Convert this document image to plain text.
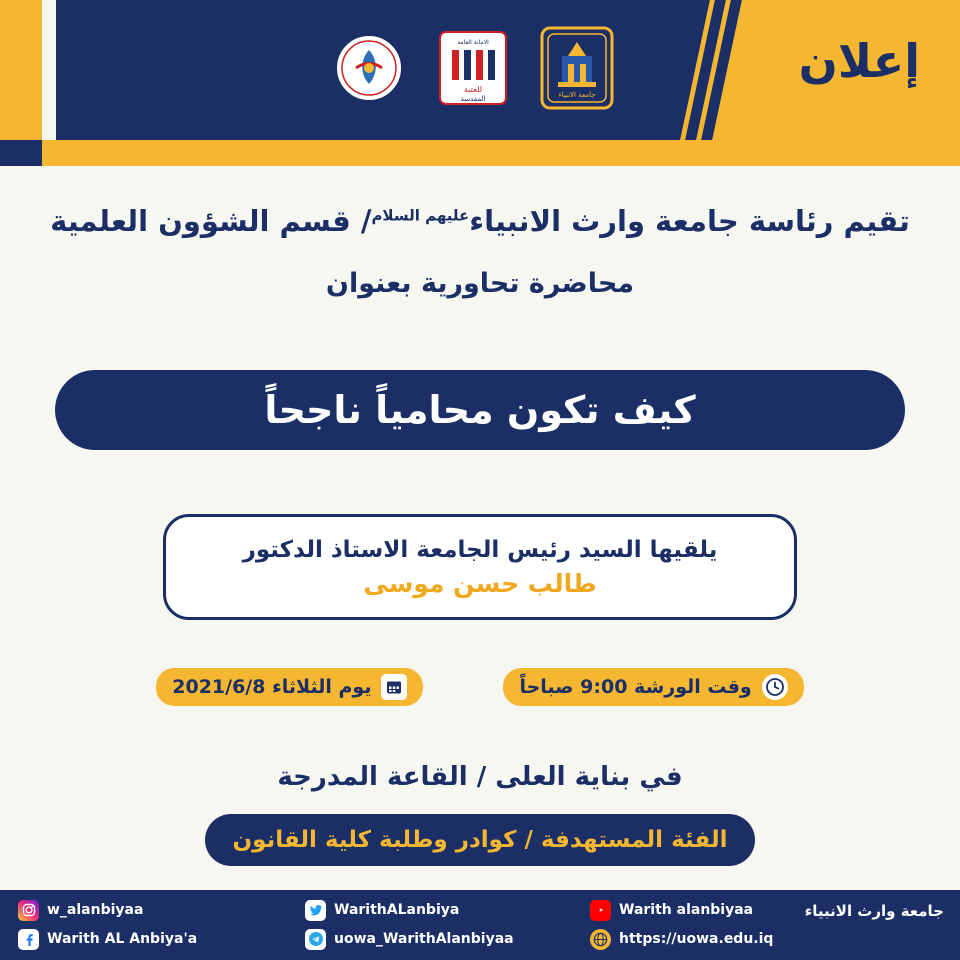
إعلان
جامعة الانبياء
الامانة العامة
للعتبة
المقدسة
تقيم رئاسة جامعة وارث الانبياء$^{عليهم السلام}$/ قسم الشؤون العلمية
محاضرة تحاورية بعنوان
كيف تكون محامياً ناجحاً
يلقيها السيد رئيس الجامعة الاستاذ الدكتور
طالب حسن موسى
يوم الثلاثاء 2021/6/8	وقت الورشة 9:00 صباحاً
في بناية العلى / القاعة المدرجة
الفئة المستهدفة / كوادر وطلبة كلية القانون
جامعة وارث الانبياء
w_alanbiyaa
Warith AL Anbiya'a
WarithALanbiya
uowa_WarithAlanbiyaa
Warith alanbiyaa
https://uowa.edu.iq
